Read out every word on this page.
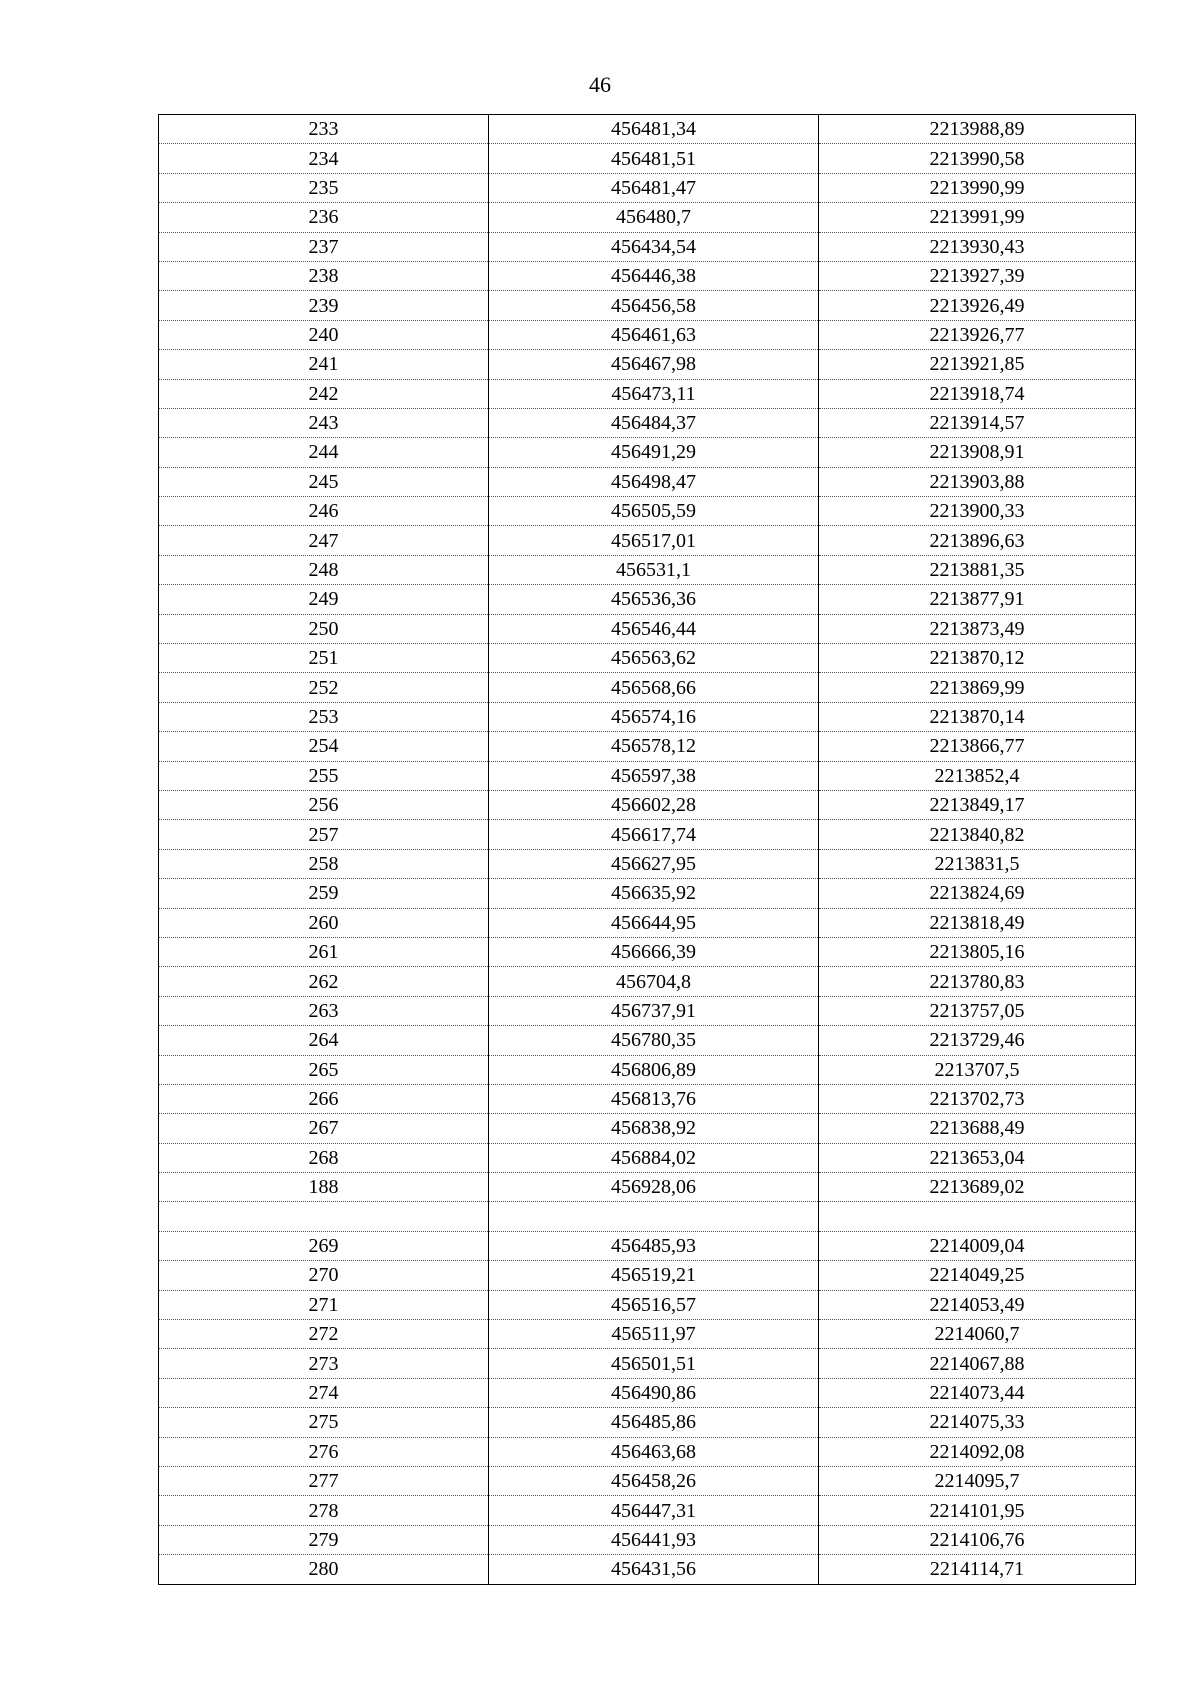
46
233	456481,34	2213988,89
234	456481,51	2213990,58
235	456481,47	2213990,99
236	456480,7	2213991,99
237	456434,54	2213930,43
238	456446,38	2213927,39
239	456456,58	2213926,49
240	456461,63	2213926,77
241	456467,98	2213921,85
242	456473,11	2213918,74
243	456484,37	2213914,57
244	456491,29	2213908,91
245	456498,47	2213903,88
246	456505,59	2213900,33
247	456517,01	2213896,63
248	456531,1	2213881,35
249	456536,36	2213877,91
250	456546,44	2213873,49
251	456563,62	2213870,12
252	456568,66	2213869,99
253	456574,16	2213870,14
254	456578,12	2213866,77
255	456597,38	2213852,4
256	456602,28	2213849,17
257	456617,74	2213840,82
258	456627,95	2213831,5
259	456635,92	2213824,69
260	456644,95	2213818,49
261	456666,39	2213805,16
262	456704,8	2213780,83
263	456737,91	2213757,05
264	456780,35	2213729,46
265	456806,89	2213707,5
266	456813,76	2213702,73
267	456838,92	2213688,49
268	456884,02	2213653,04
188	456928,06	2213689,02

269	456485,93	2214009,04
270	456519,21	2214049,25
271	456516,57	2214053,49
272	456511,97	2214060,7
273	456501,51	2214067,88
274	456490,86	2214073,44
275	456485,86	2214075,33
276	456463,68	2214092,08
277	456458,26	2214095,7
278	456447,31	2214101,95
279	456441,93	2214106,76
280	456431,56	2214114,71
